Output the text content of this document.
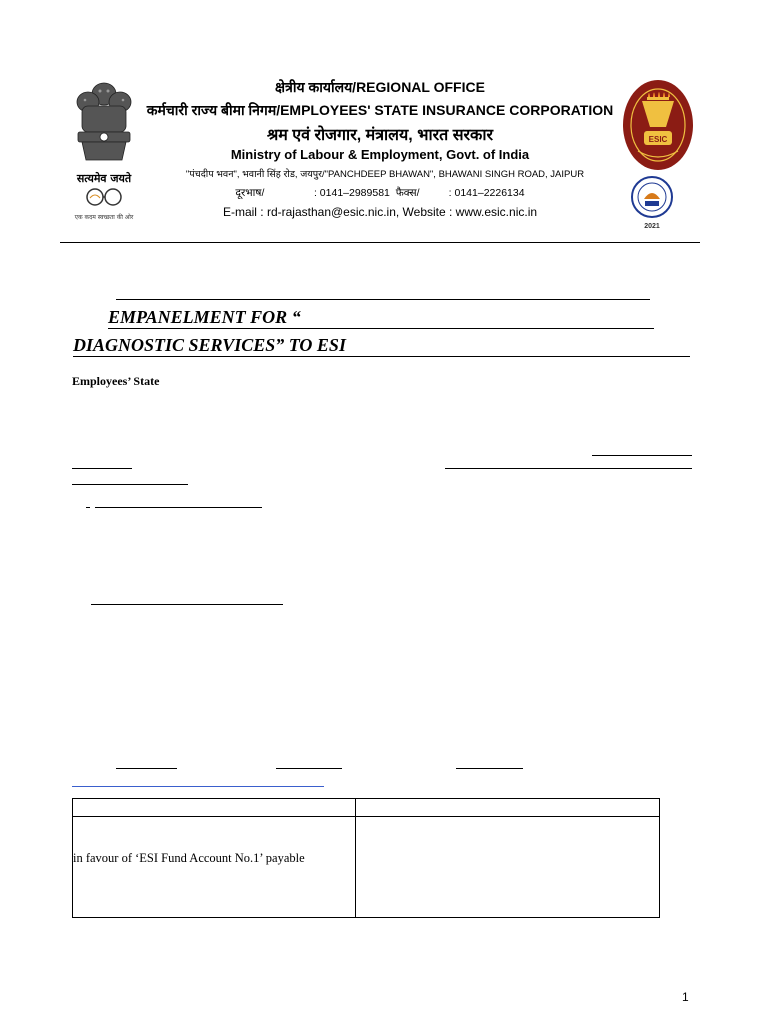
सत्यमेव जयते
एक कदम स्वच्छता की ओर
क्षेत्रीय कार्यालय/REGIONAL OFFICE
कर्मचारी राज्य बीमा निगम/EMPLOYEES' STATE INSURANCE CORPORATION
श्रम एवं रोजगार, मंत्रालय, भारत सरकार
Ministry of Labour & Employment, Govt. of India
"पंचदीप भवन", भवानी सिंह रोड, जयपुर/"PANCHDEEP BHAWAN", BHAWANI SINGH ROAD, JAIPUR
दूरभाष/                 : 0141–2989581  फैक्स/          : 0141–2226134
E-mail : rd-rajasthan@esic.nic.in, Website : www.esic.nic.in
ESIC
2021
EMPANELMENT FOR “
DIAGNOSTIC SERVICES” TO ESI
Employees’ State
in favour of ‘ESI Fund Account No.1’ payable
1
